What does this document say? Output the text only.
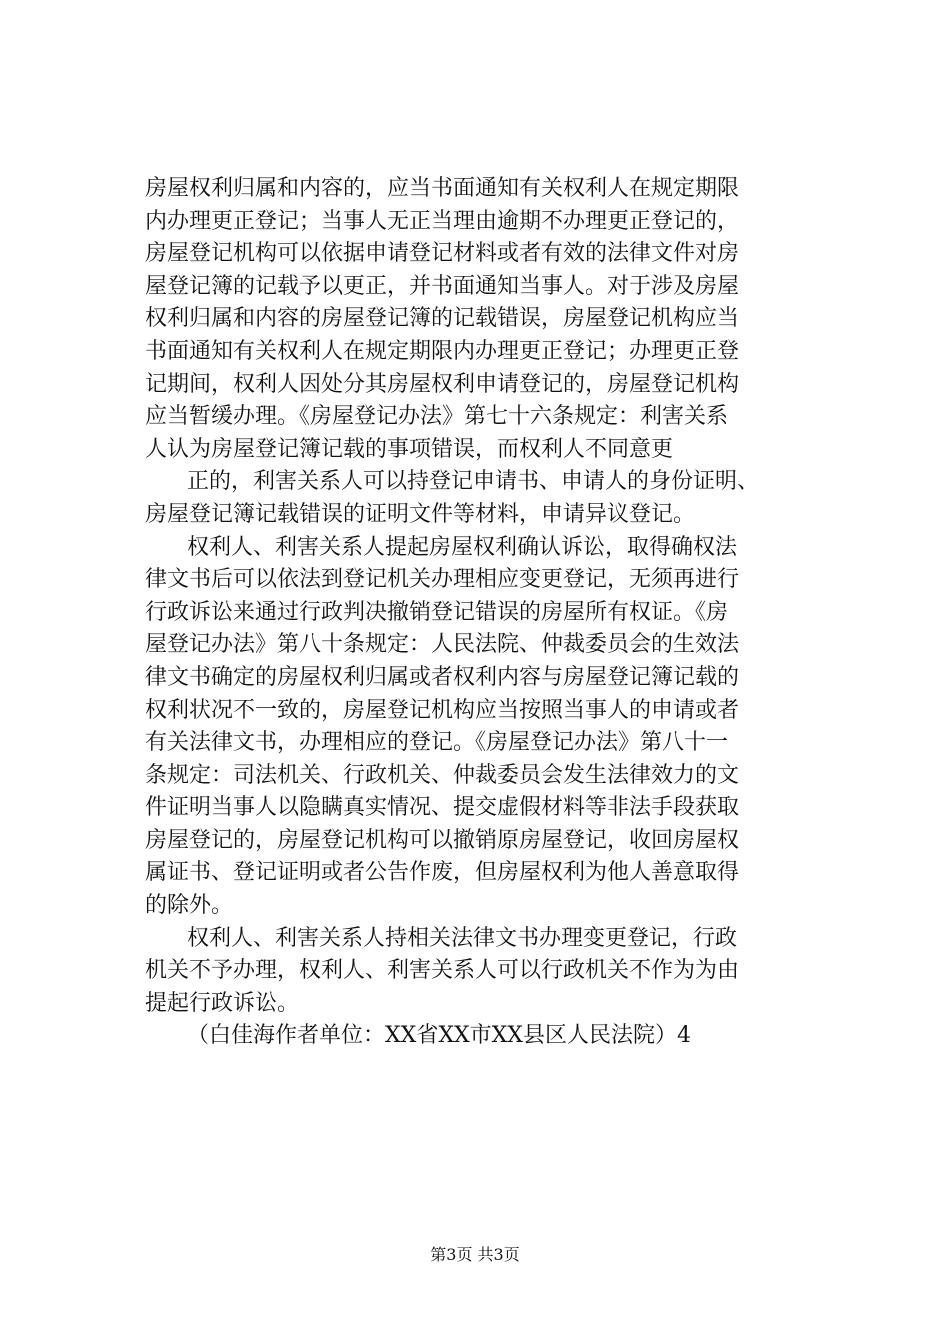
房屋权利归属和内容的，应当书面通知有关权利人在规定期限
内办理更正登记；当事人无正当理由逾期不办理更正登记的，
房屋登记机构可以依据申请登记材料或者有效的法律文件对房
屋登记簿的记载予以更正，并书面通知当事人。对于涉及房屋
权利归属和内容的房屋登记簿的记载错误，房屋登记机构应当
书面通知有关权利人在规定期限内办理更正登记；办理更正登
记期间，权利人因处分其房屋权利申请登记的，房屋登记机构
应当暂缓办理。《房屋登记办法》第七十六条规定：利害关系
人认为房屋登记簿记载的事项错误，而权利人不同意更
正的，利害关系人可以持登记申请书、申请人的身份证明、
房屋登记簿记载错误的证明文件等材料，申请异议登记。
权利人、利害关系人提起房屋权利确认诉讼，取得确权法
律文书后可以依法到登记机关办理相应变更登记，无须再进行
行政诉讼来通过行政判决撤销登记错误的房屋所有权证。《房
屋登记办法》第八十条规定：人民法院、仲裁委员会的生效法
律文书确定的房屋权利归属或者权利内容与房屋登记簿记载的
权利状况不一致的，房屋登记机构应当按照当事人的申请或者
有关法律文书，办理相应的登记。《房屋登记办法》第八十一
条规定：司法机关、行政机关、仲裁委员会发生法律效力的文
件证明当事人以隐瞒真实情况、提交虚假材料等非法手段获取
房屋登记的，房屋登记机构可以撤销原房屋登记，收回房屋权
属证书、登记证明或者公告作废，但房屋权利为他人善意取得
的除外。
权利人、利害关系人持相关法律文书办理变更登记，行政
机关不予办理，权利人、利害关系人可以行政机关不作为为由
提起行政诉讼。
（白佳海作者单位：XX省XX市XX县区人民法院）4
第3页 共3页
